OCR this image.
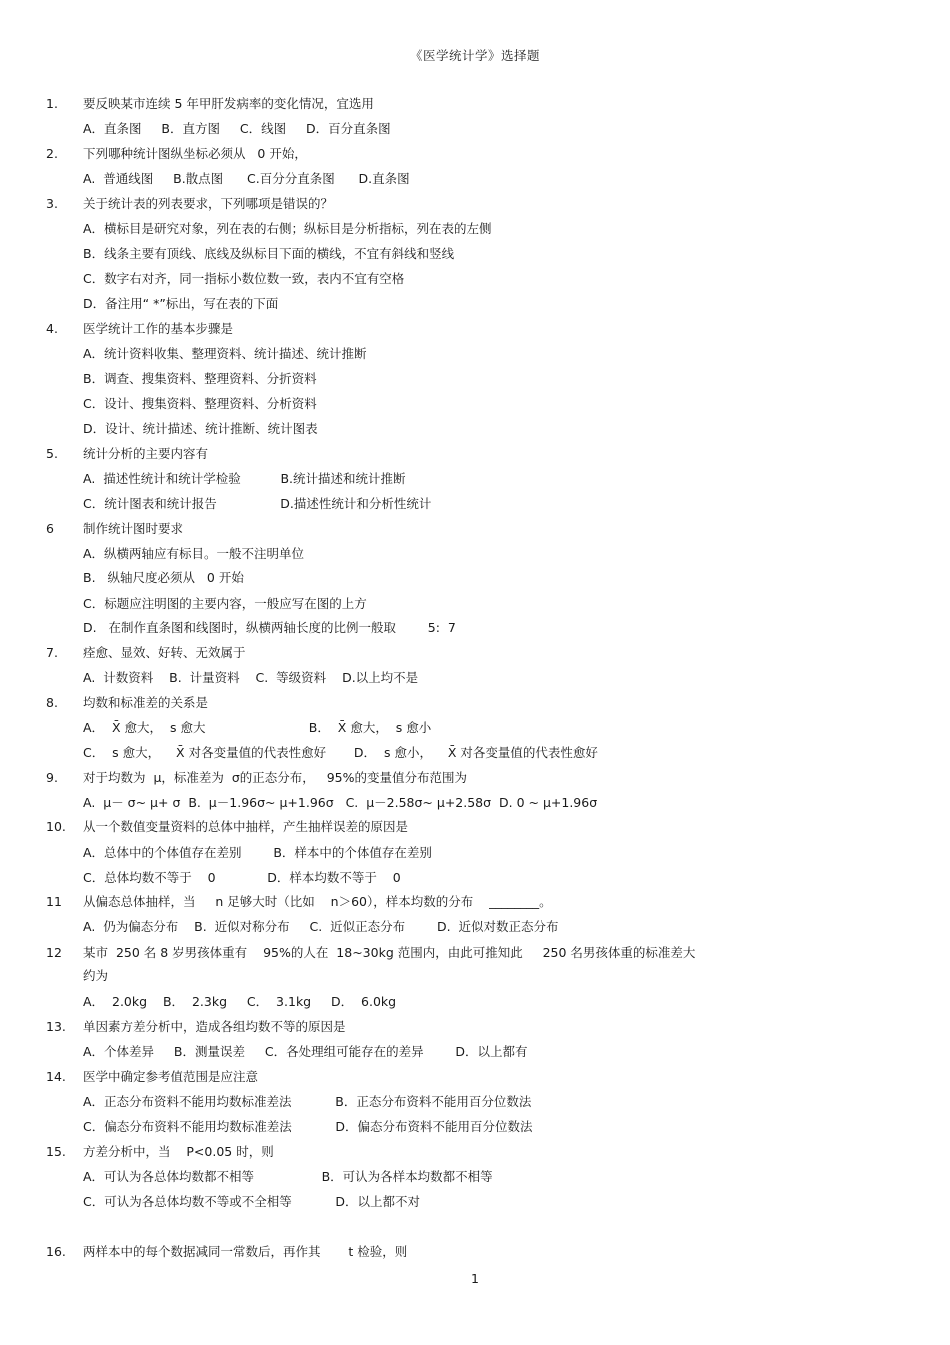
《医学统计学》选择题
1. 要反映某市连续 5 年甲肝发病率的变化情况，宜选用
A．直条图     B．直方图     C．线图     D．百分直条图
2. 下列哪种统计图纵坐标必须从   0 开始，
A.  普通线图     B.散点图      C.百分分直条图      D.直条图
3. 关于统计表的列表要求，下列哪项是错误的？
A．横标目是研究对象，列在表的右侧；纵标目是分析指标，列在表的左侧
B．线条主要有顶线、底线及纵标目下面的横线，不宜有斜线和竖线
C．数字右对齐，同一指标小数位数一致，表内不宜有空格
D．备注用“ *”标出，写在表的下面
4. 医学统计工作的基本步骤是
A．统计资料收集、整理资料、统计描述、统计推断
B．调查、搜集资料、整理资料、分折资料
C．设计、搜集资料、整理资料、分析资料
D．设计、统计描述、统计推断、统计图表
5. 统计分析的主要内容有
A.  描述性统计和统计学检验          B.统计描述和统计推断
C．统计图表和统计报告                D.描述性统计和分析性统计
6 制作统计图时要求
A．纵横两轴应有标目。一般不注明单位
B.   纵轴尺度必须从   0 开始
C．标题应注明图的主要内容，一般应写在图的上方
D.   在制作直条图和线图时，纵横两轴长度的比例一般取        5:  7
7. 痊愈、显效、好转、无效属于
A.  计数资料    B.  计量资料    C.  等级资料    D.以上均不是
8. 均数和标准差的关系是
A．  X̄ 愈大，  s 愈大                          B．  X̄ 愈大，  s 愈小
C．  s 愈大，    X̄ 对各变量值的代表性愈好       D．  s 愈小，    X̄ 对各变量值的代表性愈好
9. 对于均数为  μ，标准差为  σ的正态分布，   95%的变量值分布范围为
A.  μ－ σ~ μ+ σ  B.  μ－1.96σ~ μ+1.96σ   C.  μ－2.58σ~ μ+2.58σ  D. 0 ~ μ+1.96σ
10. 从一个数值变量资料的总体中抽样，产生抽样误差的原因是
A．总体中的个体值存在差别        B．样本中的个体值存在差别
C．总体均数不等于    0             D．样本均数不等于    0
11 从偏态总体抽样，当     n 足够大时（比如    n＞60），样本均数的分布    ________。
A.  仍为偏态分布    B.  近似对称分布     C.  近似正态分布        D.  近似对数正态分布
12 某市  250 名 8 岁男孩体重有    95%的人在  18~30kg 范围内，由此可推知此     250 名男孩体重的标准差大
约为
A．  2.0kg    B．  2.3kg     C．  3.1kg     D．  6.0kg
13. 单因素方差分析中，造成各组均数不等的原因是
A．个体差异     B．测量误差     C．各处理组可能存在的差异        D．以上都有
14. 医学中确定参考值范围是应注意
A．正态分布资料不能用均数标准差法           B．正态分布资料不能用百分位数法
C．偏态分布资料不能用均数标准差法           D．偏态分布资料不能用百分位数法
15. 方差分析中，当    P<0.05 时，则
A．可认为各总体均数都不相等                 B．可认为各样本均数都不相等
C．可认为各总体均数不等或不全相等           D．以上都不对
16. 两样本中的每个数据减同一常数后，再作其       t 检验，则
1
